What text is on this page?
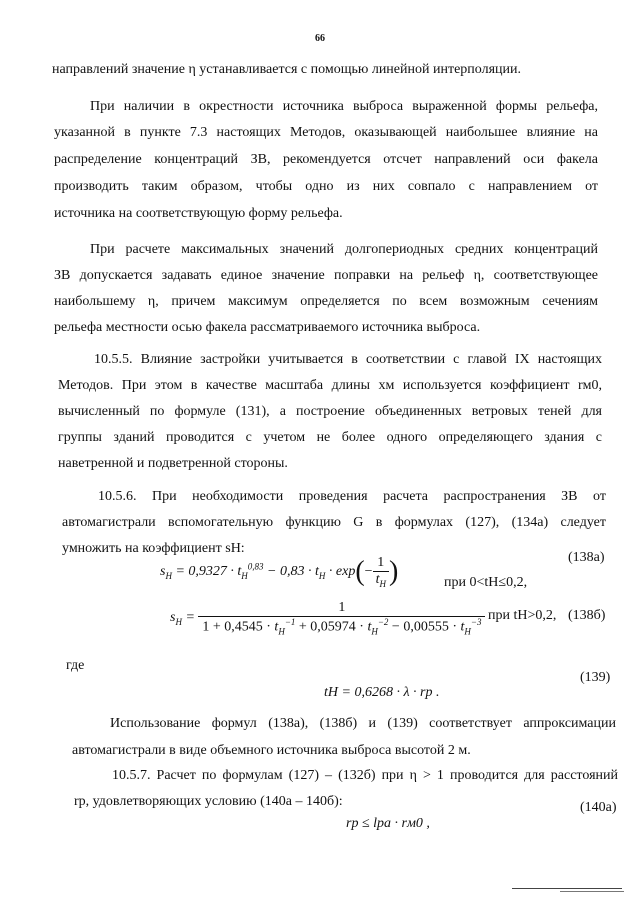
66
направлений значение η устанавливается с помощью линейной интерполяции.
При наличии в окрестности источника выброса выраженной формы рельефа,
указанной в пункте 7.3 настоящих Методов, оказывающей наибольшее влияние на
распределение концентраций ЗВ, рекомендуется отсчет направлений оси факела
производить таким образом, чтобы одно из них совпало с направлением от
источника на соответствующую форму рельефа.
При расчете максимальных значений долгопериодных средних концентраций
ЗВ допускается задавать единое значение поправки на рельеф η, соответствующее
наибольшему η, причем максимум определяется по всем возможным сечениям
рельефа местности осью факела рассматриваемого источника выброса.
10.5.5. Влияние застройки учитывается в соответствии с главой IX настоящих
Методов. При этом в качестве масштаба длины xм используется коэффициент rм0,
вычисленный по формуле (131), а построение объединенных ветровых теней для
группы зданий проводится с учетом не более одного определяющего здания с
наветренной и подветренной стороны.
10.5.6. При необходимости проведения расчета распространения ЗВ от
автомагистрали вспомогательную функцию G в формулах (127), (134а) следует
умножить на коэффициент sН:
$s_Н = 0,9327 \cdot t_Н^{0,83} - 0,83 \cdot t_Н \cdot \exp(- \frac{1}{t_Н}$ )	при 0<tН≤0,2,
(138а)
$s_Н = \frac{1}{1 + 0,4545 \cdot t_Н^{-1} + 0,05974 \cdot t_Н^{-2} - 0,00555 \cdot t_Н^{-3}}$ при tН>0,2, (138б)
где
tН = 0,6268 · λ · rр .
(139)
Использование формул (138а), (138б) и (139) соответствует аппроксимации
автомагистрали в виде объемного источника выброса высотой 2 м.
10.5.7. Расчет по формулам (127) – (132б) при η > 1 проводится для расстояний
rр, удовлетворяющих условию (140а – 140б):
rр ≤ lра · rм0 ,
(140а)
